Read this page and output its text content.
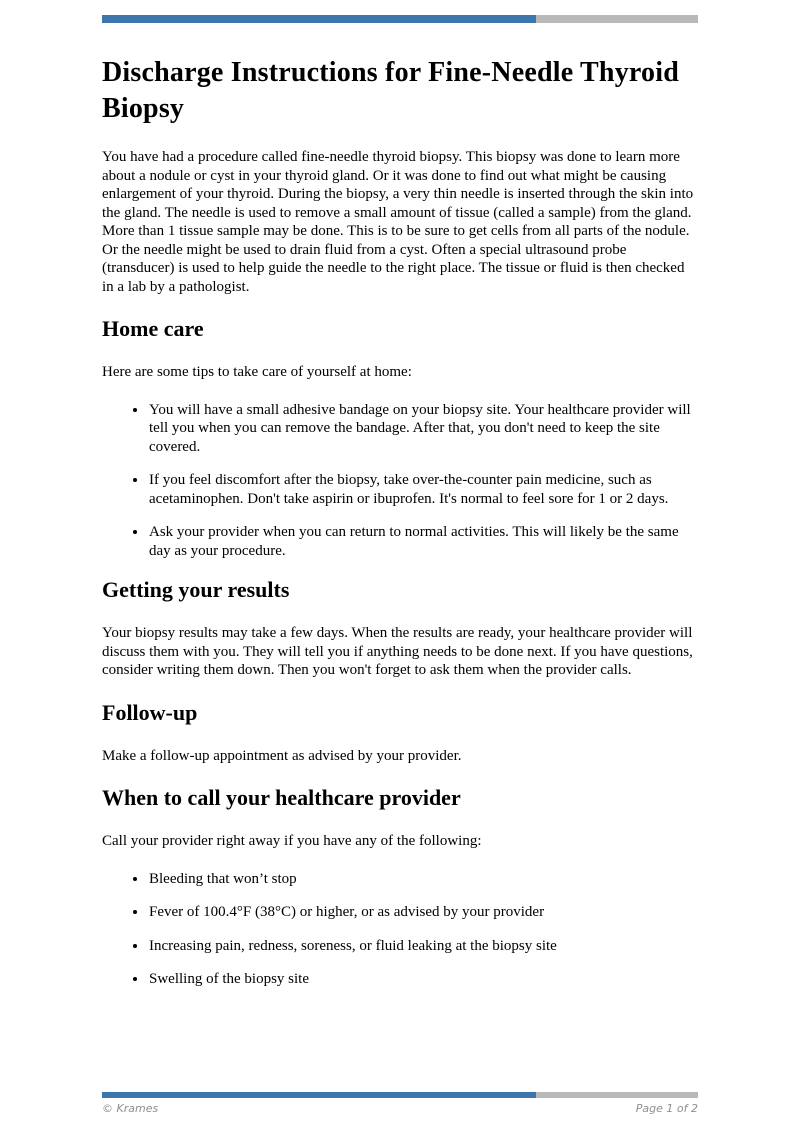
Discharge Instructions for Fine-Needle Thyroid Biopsy

You have had a procedure called fine-needle thyroid biopsy. This biopsy was done to learn more about a nodule or cyst in your thyroid gland. Or it was done to find out what might be causing enlargement of your thyroid. During the biopsy, a very thin needle is inserted through the skin into the gland. The needle is used to remove a small amount of tissue (called a sample) from the gland. More than 1 tissue sample may be done. This is to be sure to get cells from all parts of the nodule. Or the needle might be used to drain fluid from a cyst. Often a special ultrasound probe (transducer) is used to help guide the needle to the right place. The tissue or fluid is then checked in a lab by a pathologist.

Home care

Here are some tips to take care of yourself at home:

• You will have a small adhesive bandage on your biopsy site. Your healthcare provider will tell you when you can remove the bandage. After that, you don't need to keep the site covered.
• If you feel discomfort after the biopsy, take over-the-counter pain medicine, such as acetaminophen. Don't take aspirin or ibuprofen. It's normal to feel sore for 1 or 2 days.
• Ask your provider when you can return to normal activities. This will likely be the same day as your procedure.
Getting your results

Your biopsy results may take a few days. When the results are ready, your healthcare provider will discuss them with you. They will tell you if anything needs to be done next. If you have questions, consider writing them down. Then you won't forget to ask them when the provider calls.

Follow-up

Make a follow-up appointment as advised by your provider.

When to call your healthcare provider

Call your provider right away if you have any of the following:

• Bleeding that won’t stop
• Fever of 100.4°F (38°C) or higher, or as advised by your provider
• Increasing pain, redness, soreness, or fluid leaking at the biopsy site
• Swelling of the biopsy site
© Krames	Page 1 of 2
